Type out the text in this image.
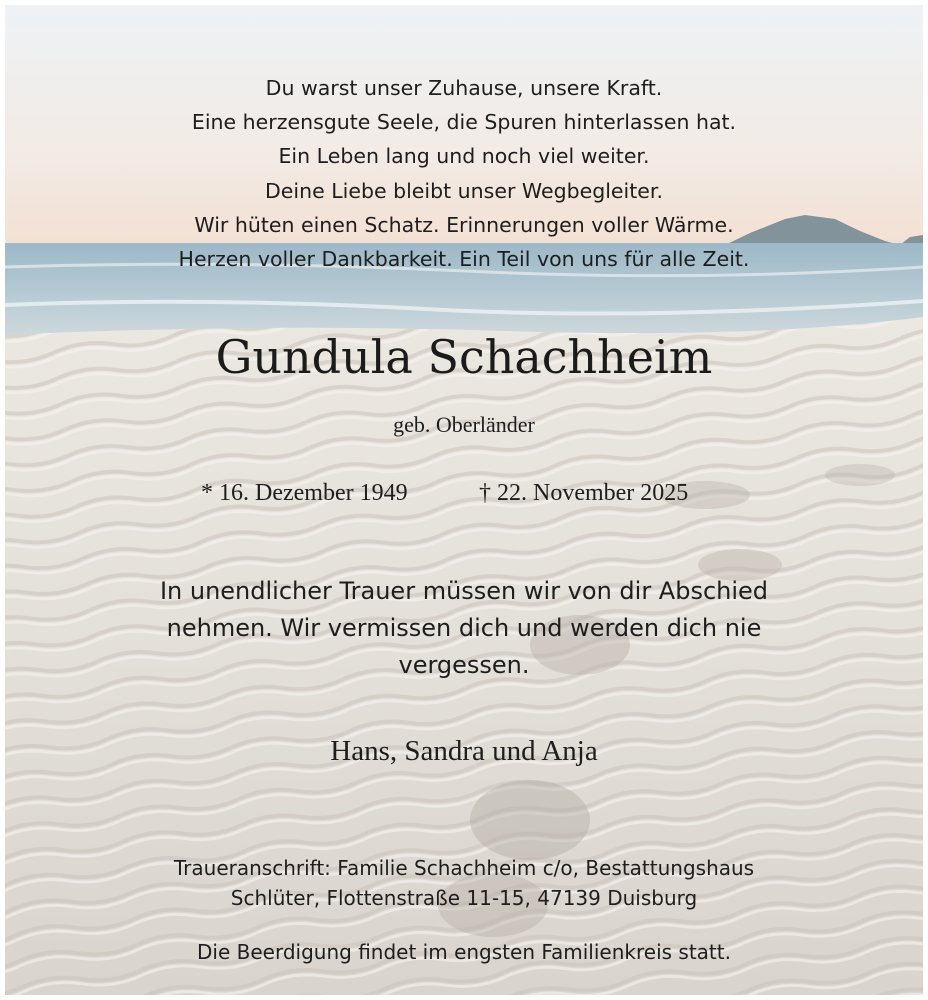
Du warst unser Zuhause, unsere Kraft.
Eine herzensgute Seele, die Spuren hinterlassen hat.
Ein Leben lang und noch viel weiter.
Deine Liebe bleibt unser Wegbegleiter.
Wir hüten einen Schatz. Erinnerungen voller Wärme.
Herzen voller Dankbarkeit. Ein Teil von uns für alle Zeit.
Gundula Schachheim
geb. Oberländer
* 16. Dezember 1949	† 22. November 2025
In unendlicher Trauer müssen wir von dir Abschied nehmen. Wir vermissen dich und werden dich nie vergessen.
Hans, Sandra und Anja
Traueranschrift: Familie Schachheim c/o, Bestattungshaus
Schlüter, Flottenstraße 11-15, 47139 Duisburg
Die Beerdigung findet im engsten Familienkreis statt.
